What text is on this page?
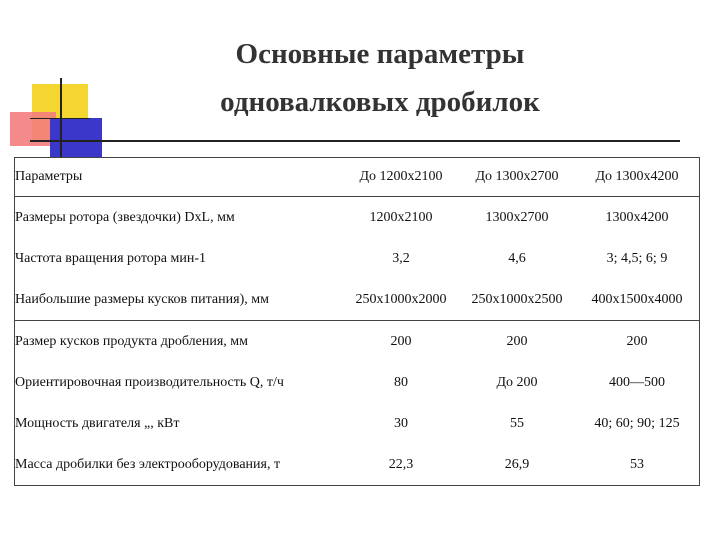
Основные параметры
одновалковых дробилок
Параметры	До 1200х2100	До 1300х2700	До 1300х4200
Размеры ротора (звездочки) DxL, мм	1200х2100	1300х2700	1300х4200
Частота вращения ротора мин-1	3,2	4,6	3; 4,5; 6; 9
Наибольшие размеры кусков питания), мм	250х1000х2000	250х1000х2500	400х1500х4000
Размер кусков продукта дробления, мм	200	200	200
Ориентировочная производительность Q, т/ч	80	До 200	400—500
Мощность двигателя „, кВт	30	55	40; 60; 90; 125
Масса дробилки без электрооборудования, т	22,3	26,9	53
